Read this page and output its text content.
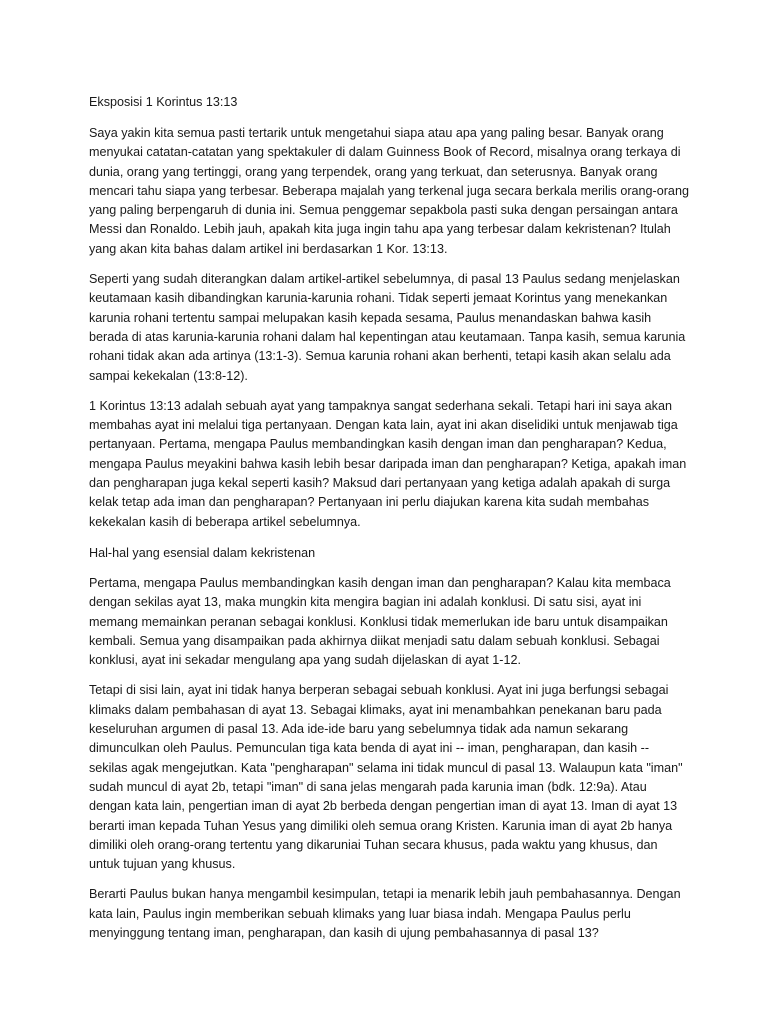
Eksposisi 1 Korintus 13:13

Saya yakin kita semua pasti tertarik untuk mengetahui siapa atau apa yang paling besar. Banyak orang menyukai catatan-catatan yang spektakuler di dalam Guinness Book of Record, misalnya orang terkaya di dunia, orang yang tertinggi, orang yang terpendek, orang yang terkuat, dan seterusnya. Banyak orang mencari tahu siapa yang terbesar. Beberapa majalah yang terkenal juga secara berkala merilis orang-orang yang paling berpengaruh di dunia ini. Semua penggemar sepakbola pasti suka dengan persaingan antara Messi dan Ronaldo. Lebih jauh, apakah kita juga ingin tahu apa yang terbesar dalam kekristenan? Itulah yang akan kita bahas dalam artikel ini berdasarkan 1 Kor. 13:13.

Seperti yang sudah diterangkan dalam artikel-artikel sebelumnya, di pasal 13 Paulus sedang menjelaskan keutamaan kasih dibandingkan karunia-karunia rohani. Tidak seperti jemaat Korintus yang menekankan karunia rohani tertentu sampai melupakan kasih kepada sesama, Paulus menandaskan bahwa kasih berada di atas karunia-karunia rohani dalam hal kepentingan atau keutamaan. Tanpa kasih, semua karunia rohani tidak akan ada artinya (13:1-3). Semua karunia rohani akan berhenti, tetapi kasih akan selalu ada sampai kekekalan (13:8-12).

1 Korintus 13:13 adalah sebuah ayat yang tampaknya sangat sederhana sekali. Tetapi hari ini saya akan membahas ayat ini melalui tiga pertanyaan. Dengan kata lain, ayat ini akan diselidiki untuk menjawab tiga pertanyaan. Pertama, mengapa Paulus membandingkan kasih dengan iman dan pengharapan? Kedua, mengapa Paulus meyakini bahwa kasih lebih besar daripada iman dan pengharapan? Ketiga, apakah iman dan pengharapan juga kekal seperti kasih? Maksud dari pertanyaan yang ketiga adalah apakah di surga kelak tetap ada iman dan pengharapan? Pertanyaan ini perlu diajukan karena kita sudah membahas kekekalan kasih di beberapa artikel sebelumnya.

Hal-hal yang esensial dalam kekristenan

Pertama, mengapa Paulus membandingkan kasih dengan iman dan pengharapan? Kalau kita membaca dengan sekilas ayat 13, maka mungkin kita mengira bagian ini adalah konklusi. Di satu sisi, ayat ini memang memainkan peranan sebagai konklusi. Konklusi tidak memerlukan ide baru untuk disampaikan kembali. Semua yang disampaikan pada akhirnya diikat menjadi satu dalam sebuah konklusi. Sebagai konklusi, ayat ini sekadar mengulang apa yang sudah dijelaskan di ayat 1-12.

Tetapi di sisi lain, ayat ini tidak hanya berperan sebagai sebuah konklusi. Ayat ini juga berfungsi sebagai klimaks dalam pembahasan di ayat 13. Sebagai klimaks, ayat ini menambahkan penekanan baru pada keseluruhan argumen di pasal 13. Ada ide-ide baru yang sebelumnya tidak ada namun sekarang dimunculkan oleh Paulus. Pemunculan tiga kata benda di ayat ini -- iman, pengharapan, dan kasih -- sekilas agak mengejutkan. Kata "pengharapan" selama ini tidak muncul di pasal 13. Walaupun kata "iman" sudah muncul di ayat 2b, tetapi "iman" di sana jelas mengarah pada karunia iman (bdk. 12:9a). Atau dengan kata lain, pengertian iman di ayat 2b berbeda dengan pengertian iman di ayat 13. Iman di ayat 13 berarti iman kepada Tuhan Yesus yang dimiliki oleh semua orang Kristen. Karunia iman di ayat 2b hanya dimiliki oleh orang-orang tertentu yang dikaruniai Tuhan secara khusus, pada waktu yang khusus, dan untuk tujuan yang khusus.

Berarti Paulus bukan hanya mengambil kesimpulan, tetapi ia menarik lebih jauh pembahasannya. Dengan kata lain, Paulus ingin memberikan sebuah klimaks yang luar biasa indah. Mengapa Paulus perlu menyinggung tentang iman, pengharapan, dan kasih di ujung pembahasannya di pasal 13?
